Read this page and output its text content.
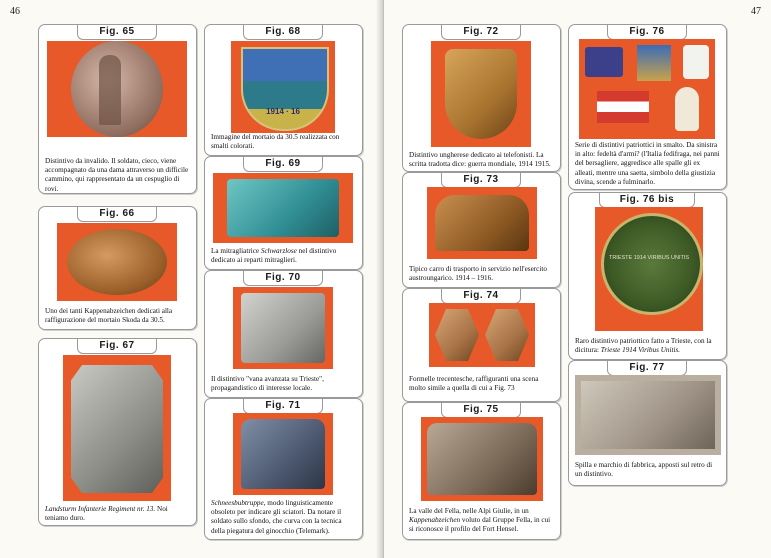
46
Fig. 65
Distintivo da invalido. Il soldato, cieco, viene accompagnato da una dama attraverso un difficile cammino, qui rappresentato da un cespuglio di rovi.
Fig. 66
Uno dei tanti Kappenabzeichen dedicati alla raffigurazione del mortaio Skoda da 30.5.
Fig. 67
Landsturm Infanterie Regiment nr. 13. Noi teniamo duro.
Fig. 68
1914 · 16
Immagine del mortaio da 30.5 realizzata con smalti colorati.
Fig. 69
La mitragliatrice Schwarzlose nel distintivo dedicato ai reparti mitraglieri.
Fig. 70
Il distintivo "vana avanzata su Trieste", propagandistico di interesse locale.
Fig. 71
Schneesbubtruppe, modo linguisticamente obsoleto per indicare gli sciatori. Da notare il soldato sullo sfondo, che curva con la tecnica della piegatura del ginocchio (Telemark).
47
Fig. 72
Distintivo ungherese dedicato ai telefonisti. La scritta tradotta dice: guerra mondiale, 1914 1915.
Fig. 73
Tipico carro di trasporto in servizio nell'esercito austroungarico. 1914 – 1916.
Fig. 74
Formelle trecentesche, raffiguranti una scena molto simile a quella di cui a Fig. 73
Fig. 75
La valle del Fella, nelle Alpi Giulie, in un Kappenabzeichen voluto dal Gruppe Fella, in cui si riconosce il profilo del Fort Hensel.
Fig. 76
Serie di distintivi patriottici in smalto. Da sinistra in alto: fedeltà d'armi? (l'Italia fedifraga, nei panni del bersagliere, aggredisce alle spalle gli ex alleati, mentre una saetta, simbolo della giustizia divina, scende a fulminarlo.
Fig. 76 bis
TRIESTE 1914 VIRIBUS UNITIS
Raro distintivo patriottico fatto a Trieste, con la dicitura: Trieste 1914 Viribus Unitis.
Fig. 77
Spilla e marchio di fabbrica, apposti sul retro di un distintivo.
